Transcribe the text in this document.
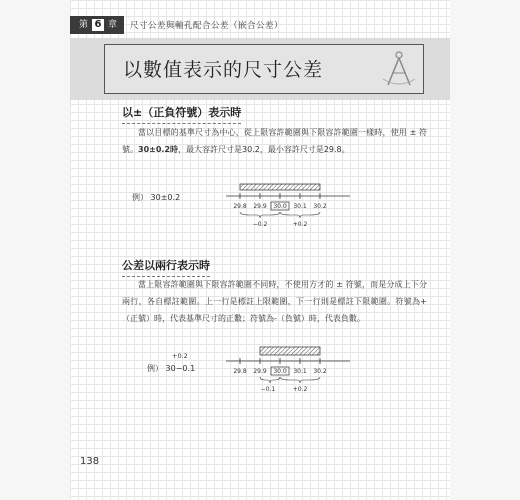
第 6 章 尺寸公差與軸孔配合公差（嵌合公差）
以數值表示的尺寸公差
以±（正負符號）表示時
當以目標的基準尺寸為中心，從上限容許範圍與下限容許範圍一樣時，使用 ± 符號。30±0.2時，最大容許尺寸是30.2，最小容許尺寸是29.8。
例） 30±0.2
29.8 29.9 30.0 30.1 30.2
−0.2	+0.2
公差以兩行表示時
當上限容許範圍與下限容許範圍不同時，不使用方才的 ± 符號，而是分成上下分兩行，各自標註範圍。上一行是標註上限範圍，下一行則是標註下限範圍。符號為+（正號）時，代表基準尺寸的正數；符號為-（負號）時，代表負數。
+0.2
例） 30−0.1	29.8 29.9 30.0 30.1 30.2
−0.1	+0.2
138
